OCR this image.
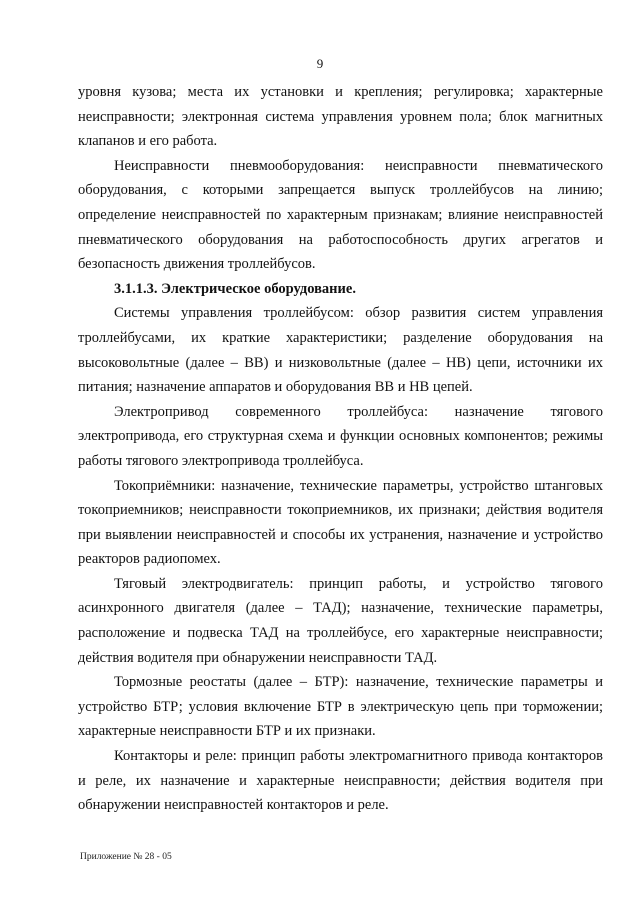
9

уровня кузова; места их установки и крепления; регулировка; характерные неисправности; электронная система управления уровнем пола; блок магнитных клапанов и его работа.

Неисправности пневмооборудования: неисправности пневматического оборудования, с которыми запрещается выпуск троллейбусов на линию; определение неисправностей по характерным признакам; влияние неисправностей пневматического оборудования на работоспособность других агрегатов и безопасность движения троллейбусов.

3.1.1.3. Электрическое оборудование.

Системы управления троллейбусом: обзор развития систем управления троллейбусами, их краткие характеристики; разделение оборудования на высоковольтные (далее – ВВ) и низковольтные (далее – НВ) цепи, источники их питания; назначение аппаратов и оборудования ВВ и НВ цепей.

Электропривод современного троллейбуса: назначение тягового электропривода, его структурная схема и функции основных компонентов; режимы работы тягового электропривода троллейбуса.

Токоприёмники: назначение, технические параметры, устройство штанговых токоприемников; неисправности токоприемников, их признаки; действия водителя при выявлении неисправностей и способы их устранения, назначение и устройство реакторов радиопомех.

Тяговый электродвигатель: принцип работы, и устройство тягового асинхронного двигателя (далее – ТАД); назначение, технические параметры, расположение и подвеска ТАД на троллейбусе, его характерные неисправности; действия водителя при обнаружении неисправности ТАД.

Тормозные реостаты (далее – БТР): назначение, технические параметры и устройство БТР; условия включение БТР в электрическую цепь при торможении; характерные неисправности БТР и их признаки.

Контакторы и реле: принцип работы электромагнитного привода контакторов и реле, их назначение и характерные неисправности; действия водителя при обнаружении неисправностей контакторов и реле.

Приложение № 28 - 05
